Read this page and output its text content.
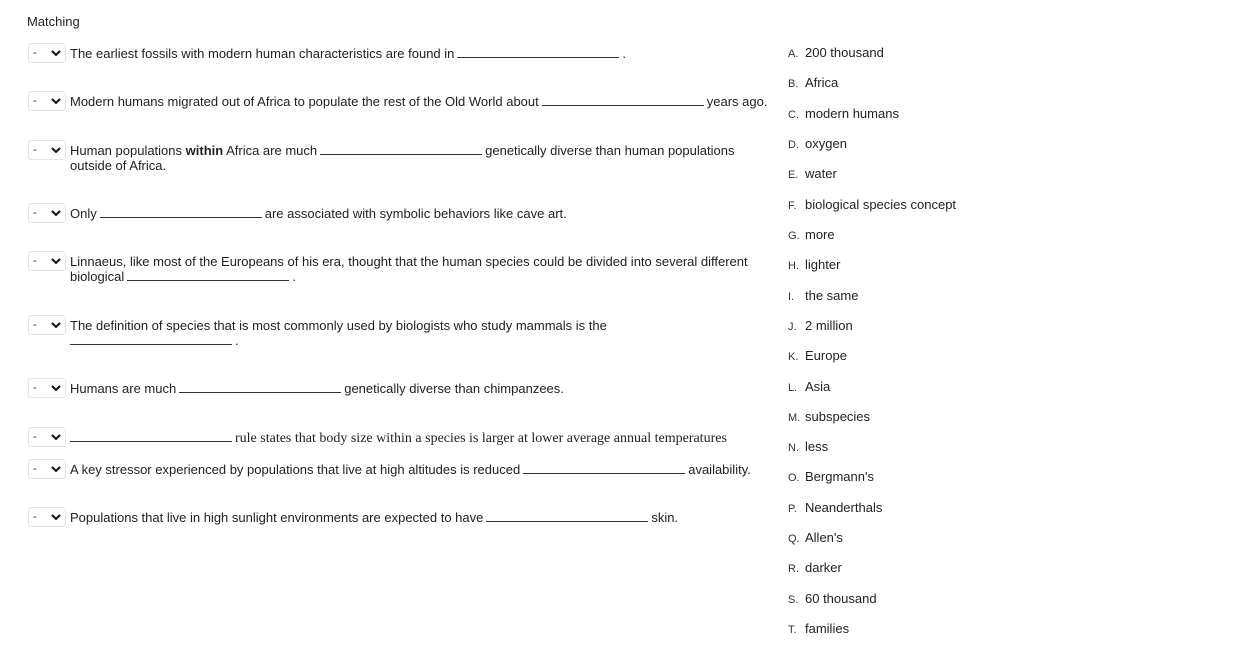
Matching
-	The earliest fossils with modern human characteristics are found in	.
-	Modern humans migrated out of Africa to populate the rest of the Old World about	years ago.
-	Human populations within Africa are much	genetically diverse than human populations
outside of Africa.
-	Only	are associated with symbolic behaviors like cave art.
-	Linnaeus, like most of the Europeans of his era, thought that the human species could be divided into several different
biological	.
-	The definition of species that is most commonly used by biologists who study mammals is the
.
-	Humans are much	genetically diverse than chimpanzees.
-	rule states that body size within a species is larger at lower average annual temperatures
-	A key stressor experienced by populations that live at high altitudes is reduced	availability.
-	Populations that live in high sunlight environments are expected to have	skin.
A. 200 thousand
B. Africa
C. modern humans
D. oxygen
E. water
F. biological species concept
G. more
H. lighter
I. the same
J. 2 million
K. Europe
L. Asia
M. subspecies
N. less
O. Bergmann's
P. Neanderthals
Q. Allen's
R. darker
S. 60 thousand
T. families
